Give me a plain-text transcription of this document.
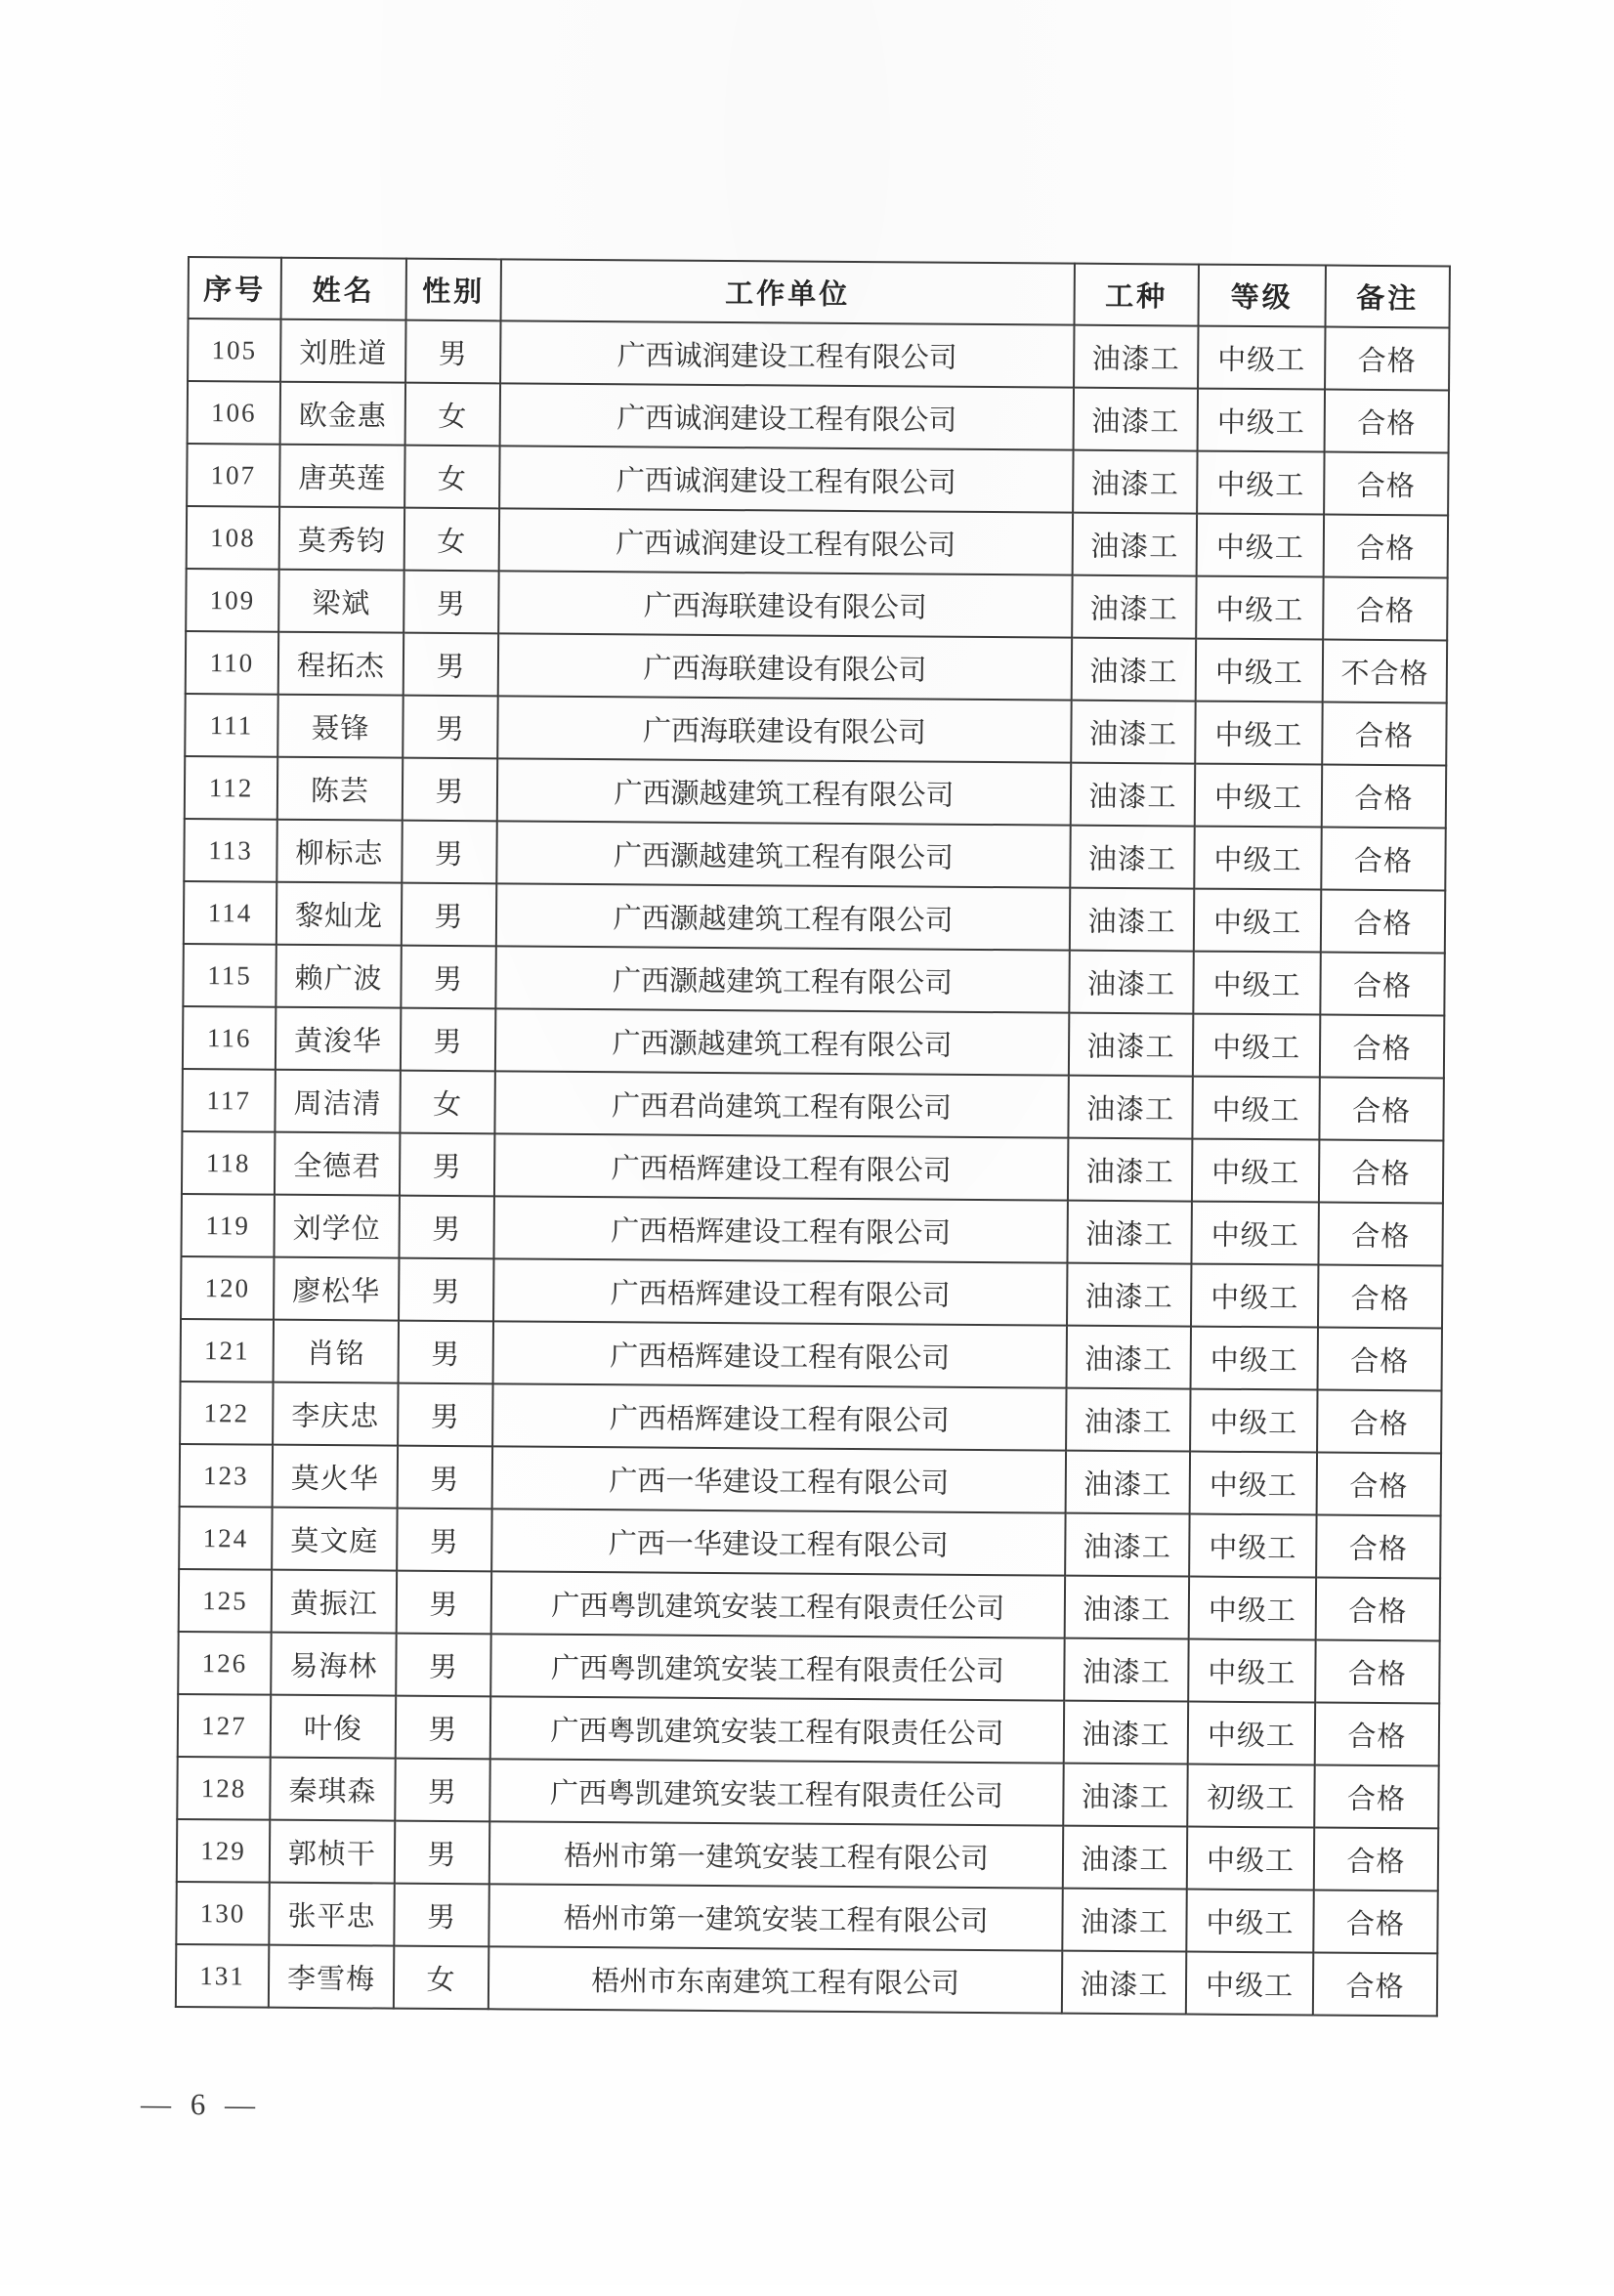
序号	姓名	性别	工作单位	工种	等级	备注
105	刘胜道	男	广西诚润建设工程有限公司	油漆工	中级工	合格
106	欧金惠	女	广西诚润建设工程有限公司	油漆工	中级工	合格
107	唐英莲	女	广西诚润建设工程有限公司	油漆工	中级工	合格
108	莫秀钧	女	广西诚润建设工程有限公司	油漆工	中级工	合格
109	梁斌	男	广西海联建设有限公司	油漆工	中级工	合格
110	程拓杰	男	广西海联建设有限公司	油漆工	中级工	不合格
111	聂锋	男	广西海联建设有限公司	油漆工	中级工	合格
112	陈芸	男	广西灏越建筑工程有限公司	油漆工	中级工	合格
113	柳标志	男	广西灏越建筑工程有限公司	油漆工	中级工	合格
114	黎灿龙	男	广西灏越建筑工程有限公司	油漆工	中级工	合格
115	赖广波	男	广西灏越建筑工程有限公司	油漆工	中级工	合格
116	黄浚华	男	广西灏越建筑工程有限公司	油漆工	中级工	合格
117	周洁清	女	广西君尚建筑工程有限公司	油漆工	中级工	合格
118	全德君	男	广西梧辉建设工程有限公司	油漆工	中级工	合格
119	刘学位	男	广西梧辉建设工程有限公司	油漆工	中级工	合格
120	廖松华	男	广西梧辉建设工程有限公司	油漆工	中级工	合格
121	肖铭	男	广西梧辉建设工程有限公司	油漆工	中级工	合格
122	李庆忠	男	广西梧辉建设工程有限公司	油漆工	中级工	合格
123	莫火华	男	广西一华建设工程有限公司	油漆工	中级工	合格
124	莫文庭	男	广西一华建设工程有限公司	油漆工	中级工	合格
125	黄振江	男	广西粤凯建筑安装工程有限责任公司	油漆工	中级工	合格
126	易海林	男	广西粤凯建筑安装工程有限责任公司	油漆工	中级工	合格
127	叶俊	男	广西粤凯建筑安装工程有限责任公司	油漆工	中级工	合格
128	秦琪森	男	广西粤凯建筑安装工程有限责任公司	油漆工	初级工	合格
129	郭桢干	男	梧州市第一建筑安装工程有限公司	油漆工	中级工	合格
130	张平忠	男	梧州市第一建筑安装工程有限公司	油漆工	中级工	合格
131	李雪梅	女	梧州市东南建筑工程有限公司	油漆工	中级工	合格
— 6 —
